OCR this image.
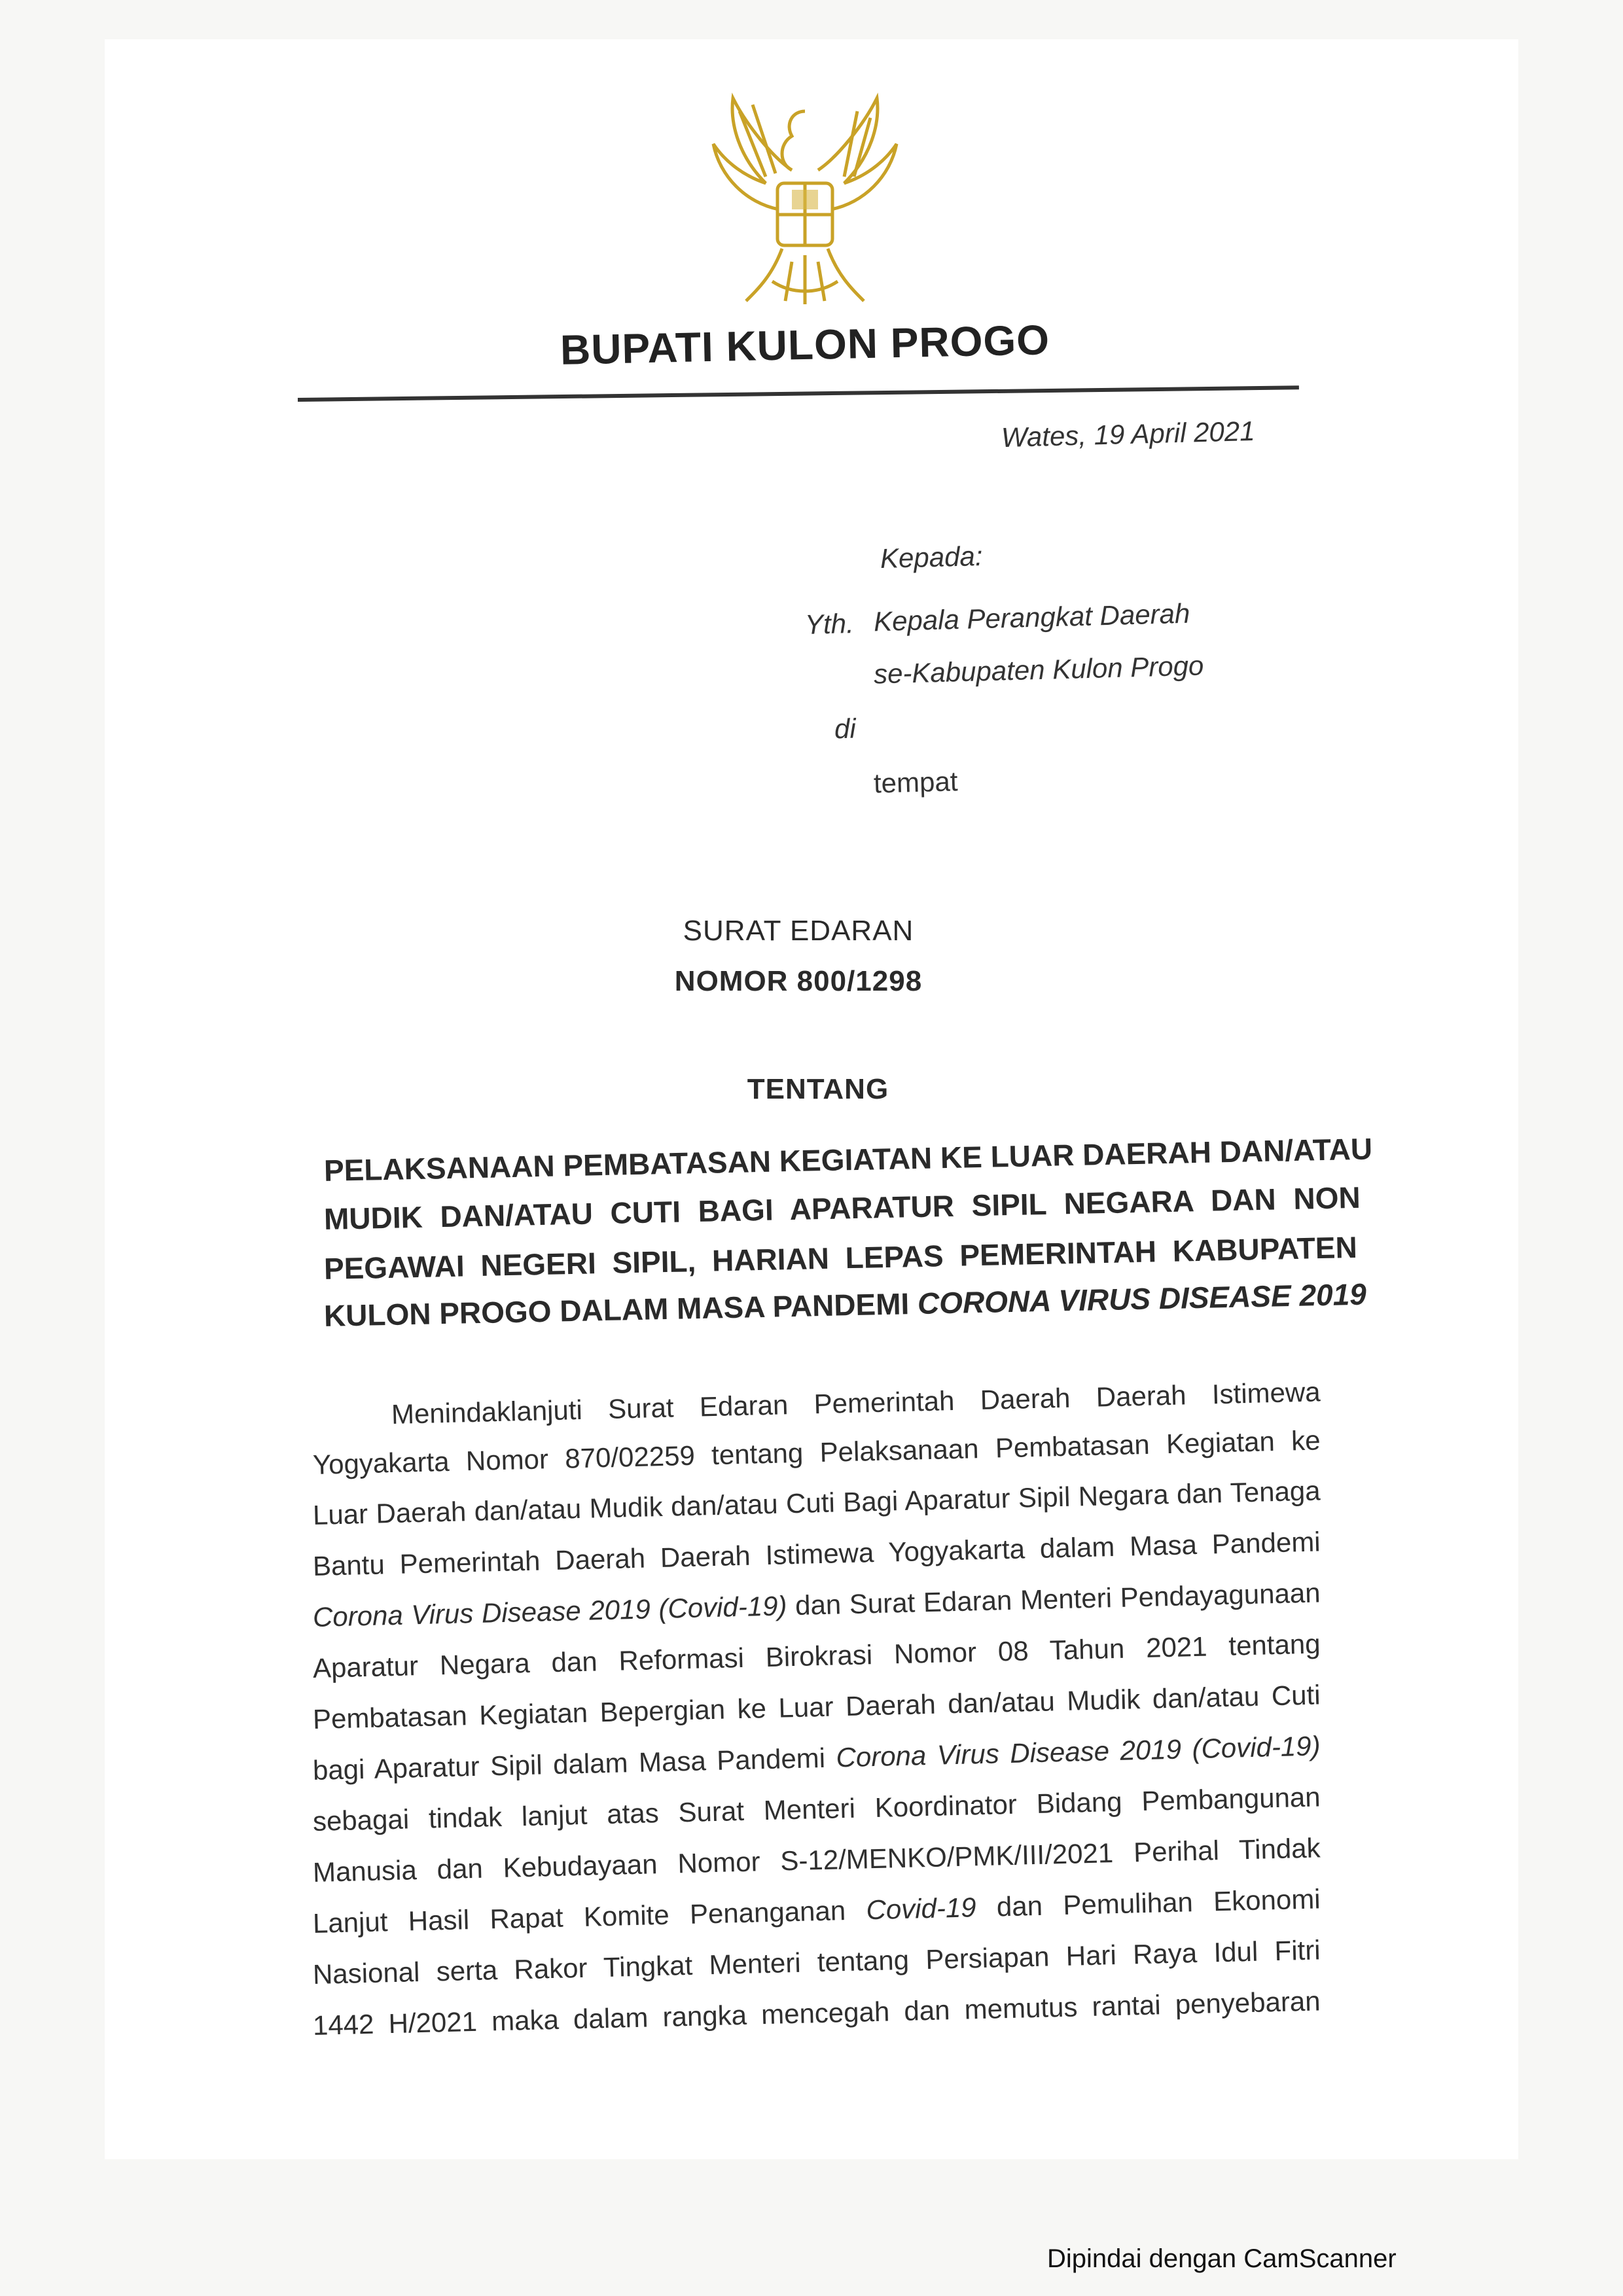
BUPATI KULON PROGO
Wates, 19 April 2021
Kepada:
Yth. Kepala Perangkat Daerah
se-Kabupaten Kulon Progo
di
tempat
SURAT EDARAN
NOMOR 800/1298
TENTANG
PELAKSANAAN PEMBATASAN KEGIATAN KE LUAR DAERAH DAN/ATAU
MUDIK DAN/ATAU CUTI BAGI APARATUR SIPIL NEGARA DAN NON
PEGAWAI NEGERI SIPIL, HARIAN LEPAS PEMERINTAH KABUPATEN
KULON PROGO DALAM MASA PANDEMI CORONA VIRUS DISEASE 2019
Menindaklanjuti Surat Edaran Pemerintah Daerah Daerah Istimewa
Yogyakarta Nomor 870/02259 tentang Pelaksanaan Pembatasan Kegiatan ke
Luar Daerah dan/atau Mudik dan/atau Cuti Bagi Aparatur Sipil Negara dan Tenaga
Bantu Pemerintah Daerah Daerah Istimewa Yogyakarta dalam Masa Pandemi
Corona Virus Disease 2019 (Covid-19) dan Surat Edaran Menteri Pendayagunaan
Aparatur Negara dan Reformasi Birokrasi Nomor 08 Tahun 2021 tentang
Pembatasan Kegiatan Bepergian ke Luar Daerah dan/atau Mudik dan/atau Cuti
bagi Aparatur Sipil dalam Masa Pandemi Corona Virus Disease 2019 (Covid-19)
sebagai tindak lanjut atas Surat Menteri Koordinator Bidang Pembangunan
Manusia dan Kebudayaan Nomor S-12/MENKO/PMK/III/2021 Perihal Tindak
Lanjut Hasil Rapat Komite Penanganan Covid-19 dan Pemulihan Ekonomi
Nasional serta Rakor Tingkat Menteri tentang Persiapan Hari Raya Idul Fitri
1442 H/2021 maka dalam rangka mencegah dan memutus rantai penyebaran
Dipindai dengan CamScanner
